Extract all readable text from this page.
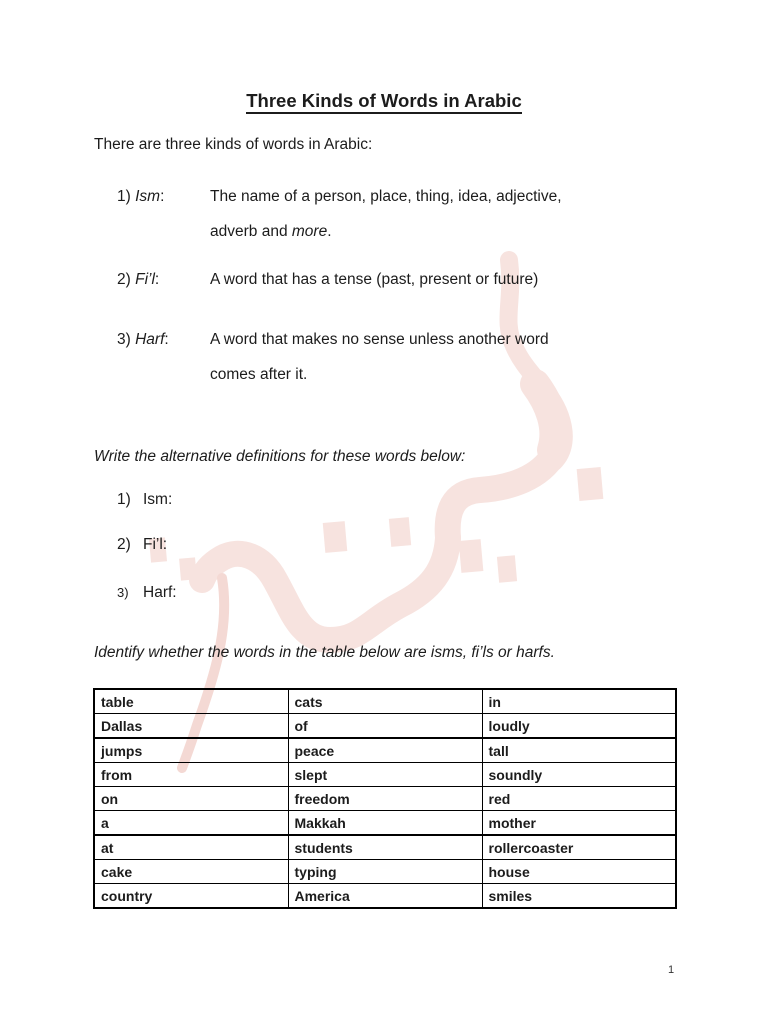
Three Kinds of Words in Arabic
There are three kinds of words in Arabic:
1) Ism:	The name of a person, place, thing, idea, adjective,
adverb and more.
2) Fi’l:	A word that has a tense (past, present or future)
3) Harf:	A word that makes no sense unless another word
comes after it.
Write the alternative definitions for these words below:
1) Ism:
2) Fi’l:
3) Harf:
Identify whether the words in the table below are isms, fi’ls or harfs.
table	cats	in
Dallas	of	loudly
jumps	peace	tall
from	slept	soundly
on	freedom	red
a	Makkah	mother
at	students	rollercoaster
cake	typing	house
country	America	smiles
1
